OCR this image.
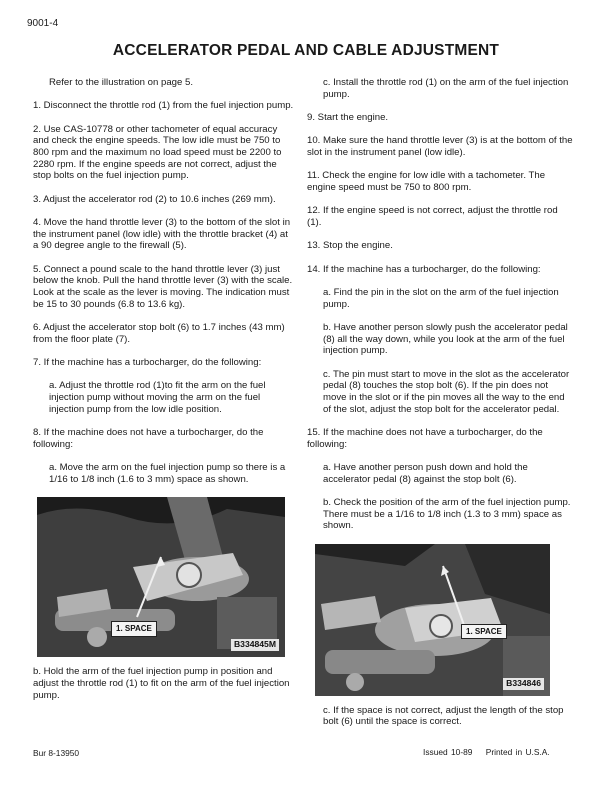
9001-4
ACCELERATOR PEDAL AND CABLE ADJUSTMENT

Refer to the illustration on page 5.

1. Disconnect the throttle rod (1) from the fuel injection pump.

2. Use CAS-10778 or other tachometer of equal accuracy and check the engine speeds. The low idle must be 750 to 800 rpm and the maximum no load speed must be 2200 to 2280 rpm. If the engine speeds are not correct, adjust the stop bolts on the fuel injection pump.

3. Adjust the accelerator rod (2) to 10.6 inches (269 mm).

4. Move the hand throttle lever (3) to the bottom of the slot in the instrument panel (low idle) with the throttle bracket (4) at a 90 degree angle to the firewall (5).

5. Connect a pound scale to the hand throttle lever (3) just below the knob. Pull the hand throttle lever (3) with the scale. Look at the scale as the lever is moving. The indication must be 15 to 30 pounds (6.8 to 13.6 kg).

6. Adjust the accelerator stop bolt (6) to 1.7 inches (43 mm) from the floor plate (7).

7. If the machine has a turbocharger, do the following:

a. Adjust the throttle rod (1)to fit the arm on the fuel injection pump without moving the arm on the fuel injection pump from the low idle position.

8. If the machine does not have a turbocharger, do the following:

a. Move the arm on the fuel injection pump so there is a 1/16 to 1/8 inch (1.6 to 3 mm) space as shown.

1. SPACE
B334845M

b. Hold the arm of the fuel injection pump in position and adjust the throttle rod (1) to fit on the arm of the fuel injection pump.

c. Install the throttle rod (1) on the arm of the fuel injection pump.

9. Start the engine.

10. Make sure the hand throttle lever (3) is at the bottom of the slot in the instrument panel (low idle).

11. Check the engine for low idle with a tachometer. The engine speed must be 750 to 800 rpm.

12. If the engine speed is not correct, adjust the throttle rod (1).

13. Stop the engine.

14. If the machine has a turbocharger, do the following:

a. Find the pin in the slot on the arm of the fuel injection pump.

b. Have another person slowly push the accelerator pedal (8) all the way down, while you look at the arm of the fuel injection pump.

c. The pin must start to move in the slot as the accelerator pedal (8) touches the stop bolt (6). If the pin does not move in the slot or if the pin moves all the way to the end of the slot, adjust the stop bolt for the accelerator pedal.

15. If the machine does not have a turbocharger, do the following:

a. Have another person push down and hold the accelerator pedal (8) against the stop bolt (6).

b. Check the position of the arm of the fuel injection pump. There must be a 1/16 to 1/8 inch (1.3 to 3 mm) space as shown.

1. SPACE
B334846

c. If the space is not correct, adjust the length of the stop bolt (6) until the space is correct.

Bur 8-13950	Issued 10-89 Printed in U.S.A.
